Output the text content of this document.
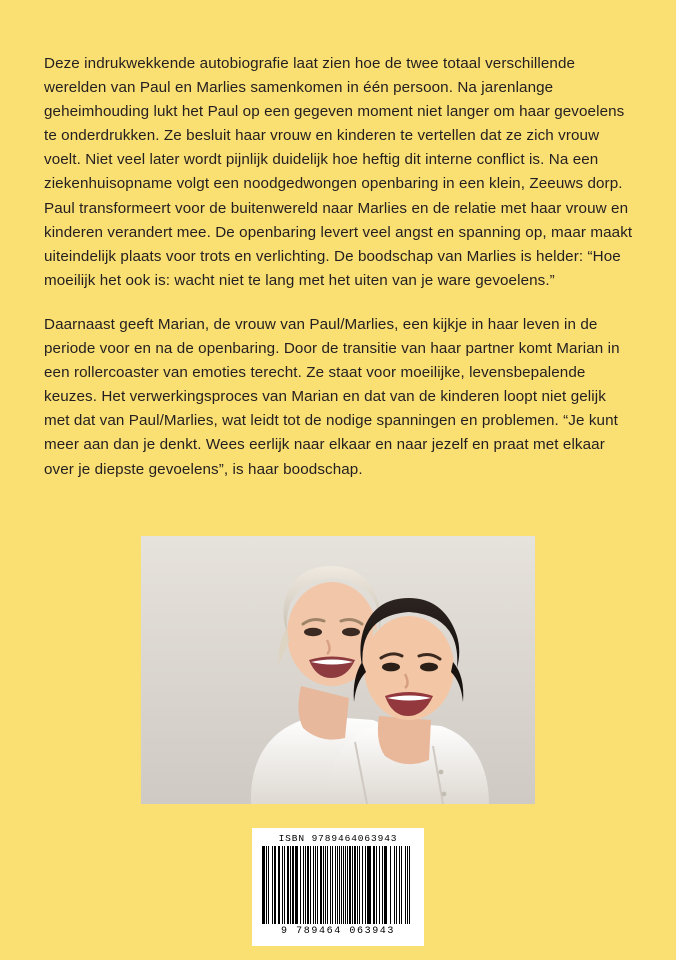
Deze indrukwekkende autobiografie laat zien hoe de twee totaal verschillende werelden van Paul en Marlies samenkomen in één persoon. Na jarenlange geheimhouding lukt het Paul op een gegeven moment niet langer om haar gevoelens te onderdrukken. Ze besluit haar vrouw en kinderen te vertellen dat ze zich vrouw voelt. Niet veel later wordt pijnlijk duidelijk hoe heftig dit interne conflict is. Na een ziekenhuisopname volgt een noodgedwongen openbaring in een klein, Zeeuws dorp. Paul transformeert voor de buitenwereld naar Marlies en de relatie met haar vrouw en kinderen verandert mee. De openbaring levert veel angst en spanning op, maar maakt uiteindelijk plaats voor trots en verlichting. De boodschap van Marlies is helder: “Hoe moeilijk het ook is: wacht niet te lang met het uiten van je ware gevoelens.”

Daarnaast geeft Marian, de vrouw van Paul/Marlies, een kijkje in haar leven in de periode voor en na de openbaring. Door de transitie van haar partner komt Marian in een rollercoaster van emoties terecht. Ze staat voor moeilijke, levensbepalende keuzes. Het verwerkingsproces van Marian en dat van de kinderen loopt niet gelijk met dat van Paul/Marlies, wat leidt tot de nodige spanningen en problemen. “Je kunt meer aan dan je denkt. Wees eerlijk naar elkaar en naar jezelf en praat met elkaar over je diepste gevoelens”, is haar boodschap.

ISBN 9789464063943
9 789464 063943
